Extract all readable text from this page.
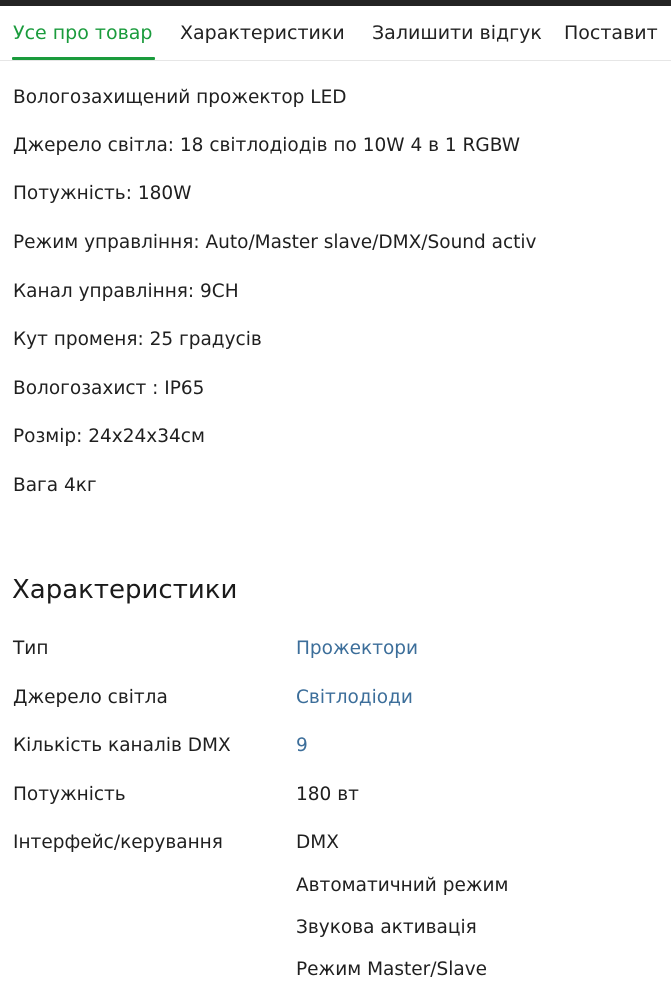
Усе про товар Характеристики Залишити відгук Поставит
Вологозахищений прожектор LED
Джерело світла: 18 світлодіодів по 10W 4 в 1 RGBW
Потужність: 180W
Режим управління: Auto/Master slave/DMX/Sound activ
Канал управління: 9CH
Кут променя: 25 градусів
Вологозахист : IP65
Розмір: 24x24x34см
Вага 4кг
Характеристики
Тип	Прожектори
Джерело світла	Світлодіоди
Кількість каналів DMX	9
Потужність	180 вт
Інтерфейс/керування	DMX
Автоматичний режим
Звукова активація
Режим Master/Slave
